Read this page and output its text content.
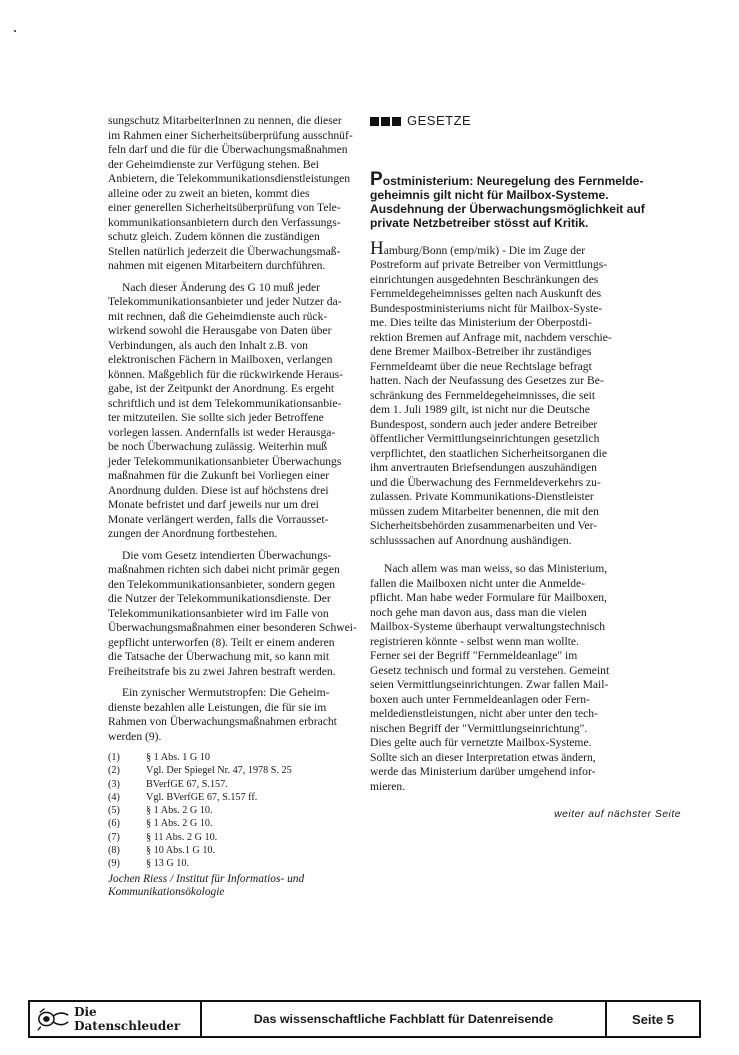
sungschutz MitarbeiterInnen zu nennen, die dieser
im Rahmen einer Sicherheitsüberprüfung ausschnüf-
feln darf und die für die Überwachungsmaßnahmen
der Geheimdienste zur Verfügung stehen. Bei
Anbietern, die Telekommunikationsdienstleistungen
alleine oder zu zweit an bieten, kommt dies
einer generellen Sicherheitsüberprüfung von Tele-
kommunikationsanbietern durch den Verfassungs-
schutz gleich. Zudem können die zuständigen
Stellen natürlich jederzeit die Überwachungsmaß-
nahmen mit eigenen Mitarbeitern durchführen.

Nach dieser Änderung des G 10 muß jeder
Telekommunikationsanbieter und jeder Nutzer da-
mit rechnen, daß die Geheimdienste auch rück-
wirkend sowohl die Herausgabe von Daten über
Verbindungen, als auch den Inhalt z.B. von
elektronischen Fächern in Mailboxen, verlangen
können. Maßgeblich für die rückwirkende Heraus-
gabe, ist der Zeitpunkt der Anordnung. Es ergeht
schriftlich und ist dem Telekommunikationsanbie-
ter mitzuteilen. Sie sollte sich jeder Betroffene
vorlegen lassen. Andernfalls ist weder Herausga-
be noch Überwachung zulässig. Weiterhin muß
jeder Telekommunikationsanbieter Überwachungs
maßnahmen für die Zukunft bei Vorliegen einer
Anordnung dulden. Diese ist auf höchstens drei
Monate befristet und darf jeweils nur um drei
Monate verlängert werden, falls die Vorrausset-
zungen der Anordnung fortbestehen.

Die vom Gesetz intendierten Überwachungs-
maßnahmen richten sich dabei nicht primär gegen
den Telekommunikationsanbieter, sondern gegen
die Nutzer der Telekommunikationsdienste. Der
Telekommunikationsanbieter wird im Falle von
Überwachungsmaßnahmen einer besonderen Schwei-
gepflicht unterworfen (8). Teilt er einem anderen
die Tatsache der Überwachung mit, so kann mit
Freiheitstrafe bis zu zwei Jahren bestraft werden.

Ein zynischer Wermutstropfen: Die Geheim-
dienste bezahlen alle Leistungen, die für sie im
Rahmen von Überwachungsmaßnahmen erbracht
werden (9).

(1)	§ 1 Abs. 1 G 10
(2)	Vgl. Der Spiegel Nr. 47, 1978 S. 25
(3)	BVerfGE 67, S.157.
(4)	Vgl. BVerfGE 67, S.157 ff.
(5)	§ 1 Abs. 2 G 10.
(6)	§ 1 Abs. 2 G 10.
(7)	§ 11 Abs. 2 G 10.
(8)	§ 10 Abs.1 G 10.
(9)	§ 13 G 10.
Jochen Riess / Institut für Informatios- und
Kommunikationsökologie
GESETZE
Postministerium: Neuregelung des Fernmelde-
geheimnis gilt nicht für Mailbox-Systeme.
Ausdehnung der Überwachungsmöglichkeit auf
private Netzbetreiber stösst auf Kritik.

Hamburg/Bonn (emp/mik) - Die im Zuge der
Postreform auf private Betreiber von Vermittlungs-
einrichtungen ausgedehnten Beschränkungen des
Fernmeldegeheimnisses gelten nach Auskunft des
Bundespostministeriums nicht für Mailbox-Syste-
me. Dies teilte das Ministerium der Oberpostdi-
rektion Bremen auf Anfrage mit, nachdem verschie-
dene Bremer Mailbox-Betreiber ihr zuständiges
Fernmeldeamt über die neue Rechtslage befragt
hatten. Nach der Neufassung des Gesetzes zur Be-
schränkung des Fernmeldegeheimnisses, die seit
dem 1. Juli 1989 gilt, ist nicht nur die Deutsche
Bundespost, sondern auch jeder andere Betreiber
öffentlicher Vermittlungseinrichtungen gesetzlich
verpflichtet, den staatlichen Sicherheitsorganen die
ihm anvertrauten Briefsendungen auszuhändigen
und die Überwachung des Fernmeldeverkehrs zu-
zulassen. Private Kommunikations-Dienstleister
müssen zudem Mitarbeiter benennen, die mit den
Sicherheitsbehörden zusammenarbeiten und Ver-
schlusssachen auf Anordnung aushändigen.

Nach allem was man weiss, so das Ministerium,
fallen die Mailboxen nicht unter die Anmelde-
pflicht. Man habe weder Formulare für Mailboxen,
noch gehe man davon aus, dass man die vielen
Mailbox-Systeme überhaupt verwaltungstechnisch
registrieren könnte - selbst wenn man wollte.
Ferner sei der Begriff "Fernmeldeanlage" im
Gesetz technisch und formal zu verstehen. Gemeint
seien Vermittlungseinrichtungen. Zwar fallen Mail-
boxen auch unter Fernmeldeanlagen oder Fern-
meldedienstleistungen, nicht aber unter den tech-
nischen Begriff der "Vermittlungseinrichtung".
Dies gelte auch für vernetzte Mailbox-Systeme.
Sollte sich an dieser Interpretation etwas ändern,
werde das Ministerium darüber umgehend infor-
mieren.

weiter auf nächster Seite
Die Datenschleuder	Das wissenschaftliche Fachblatt für Datenreisende	Seite 5
